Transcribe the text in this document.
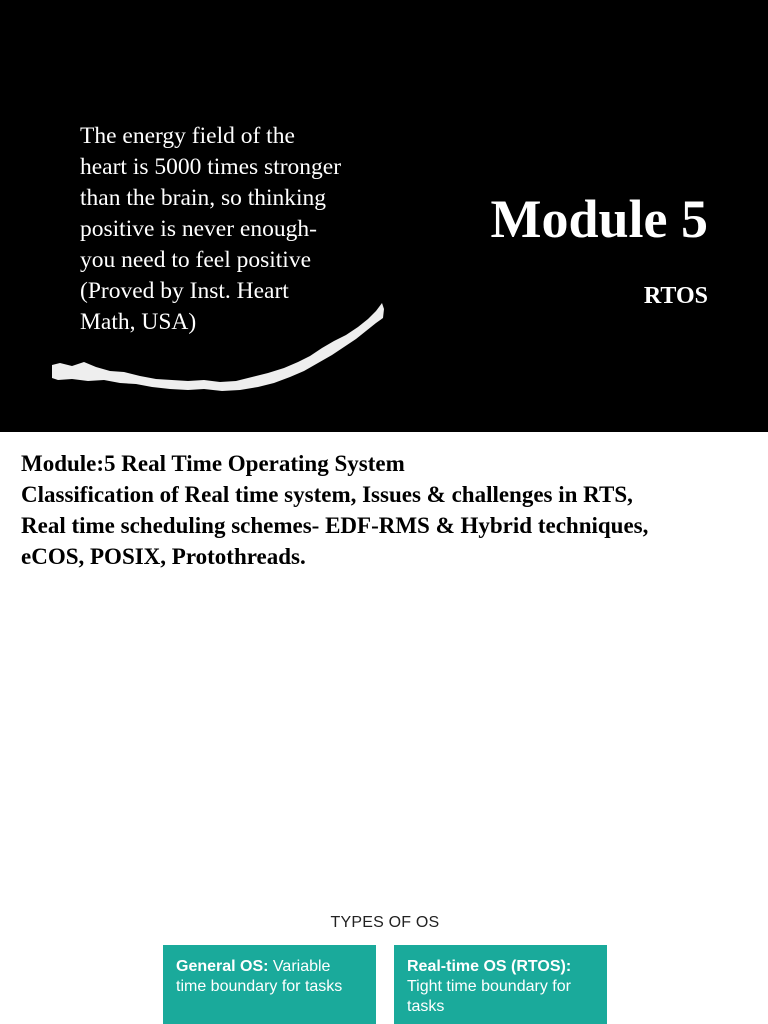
The energy field of the
heart is 5000 times stronger
than the brain, so thinking
positive is never enough-
you need to feel positive
(Proved by Inst. Heart
Math, USA)
Module 5
RTOS
Module:5 Real Time Operating System
Classification of Real time system, Issues & challenges in RTS,
Real time scheduling schemes- EDF-RMS & Hybrid techniques,
eCOS, POSIX, Protothreads.
TYPES OF OS
General OS: Variable time boundary for tasks
Real-time OS (RTOS): Tight time boundary for tasks
